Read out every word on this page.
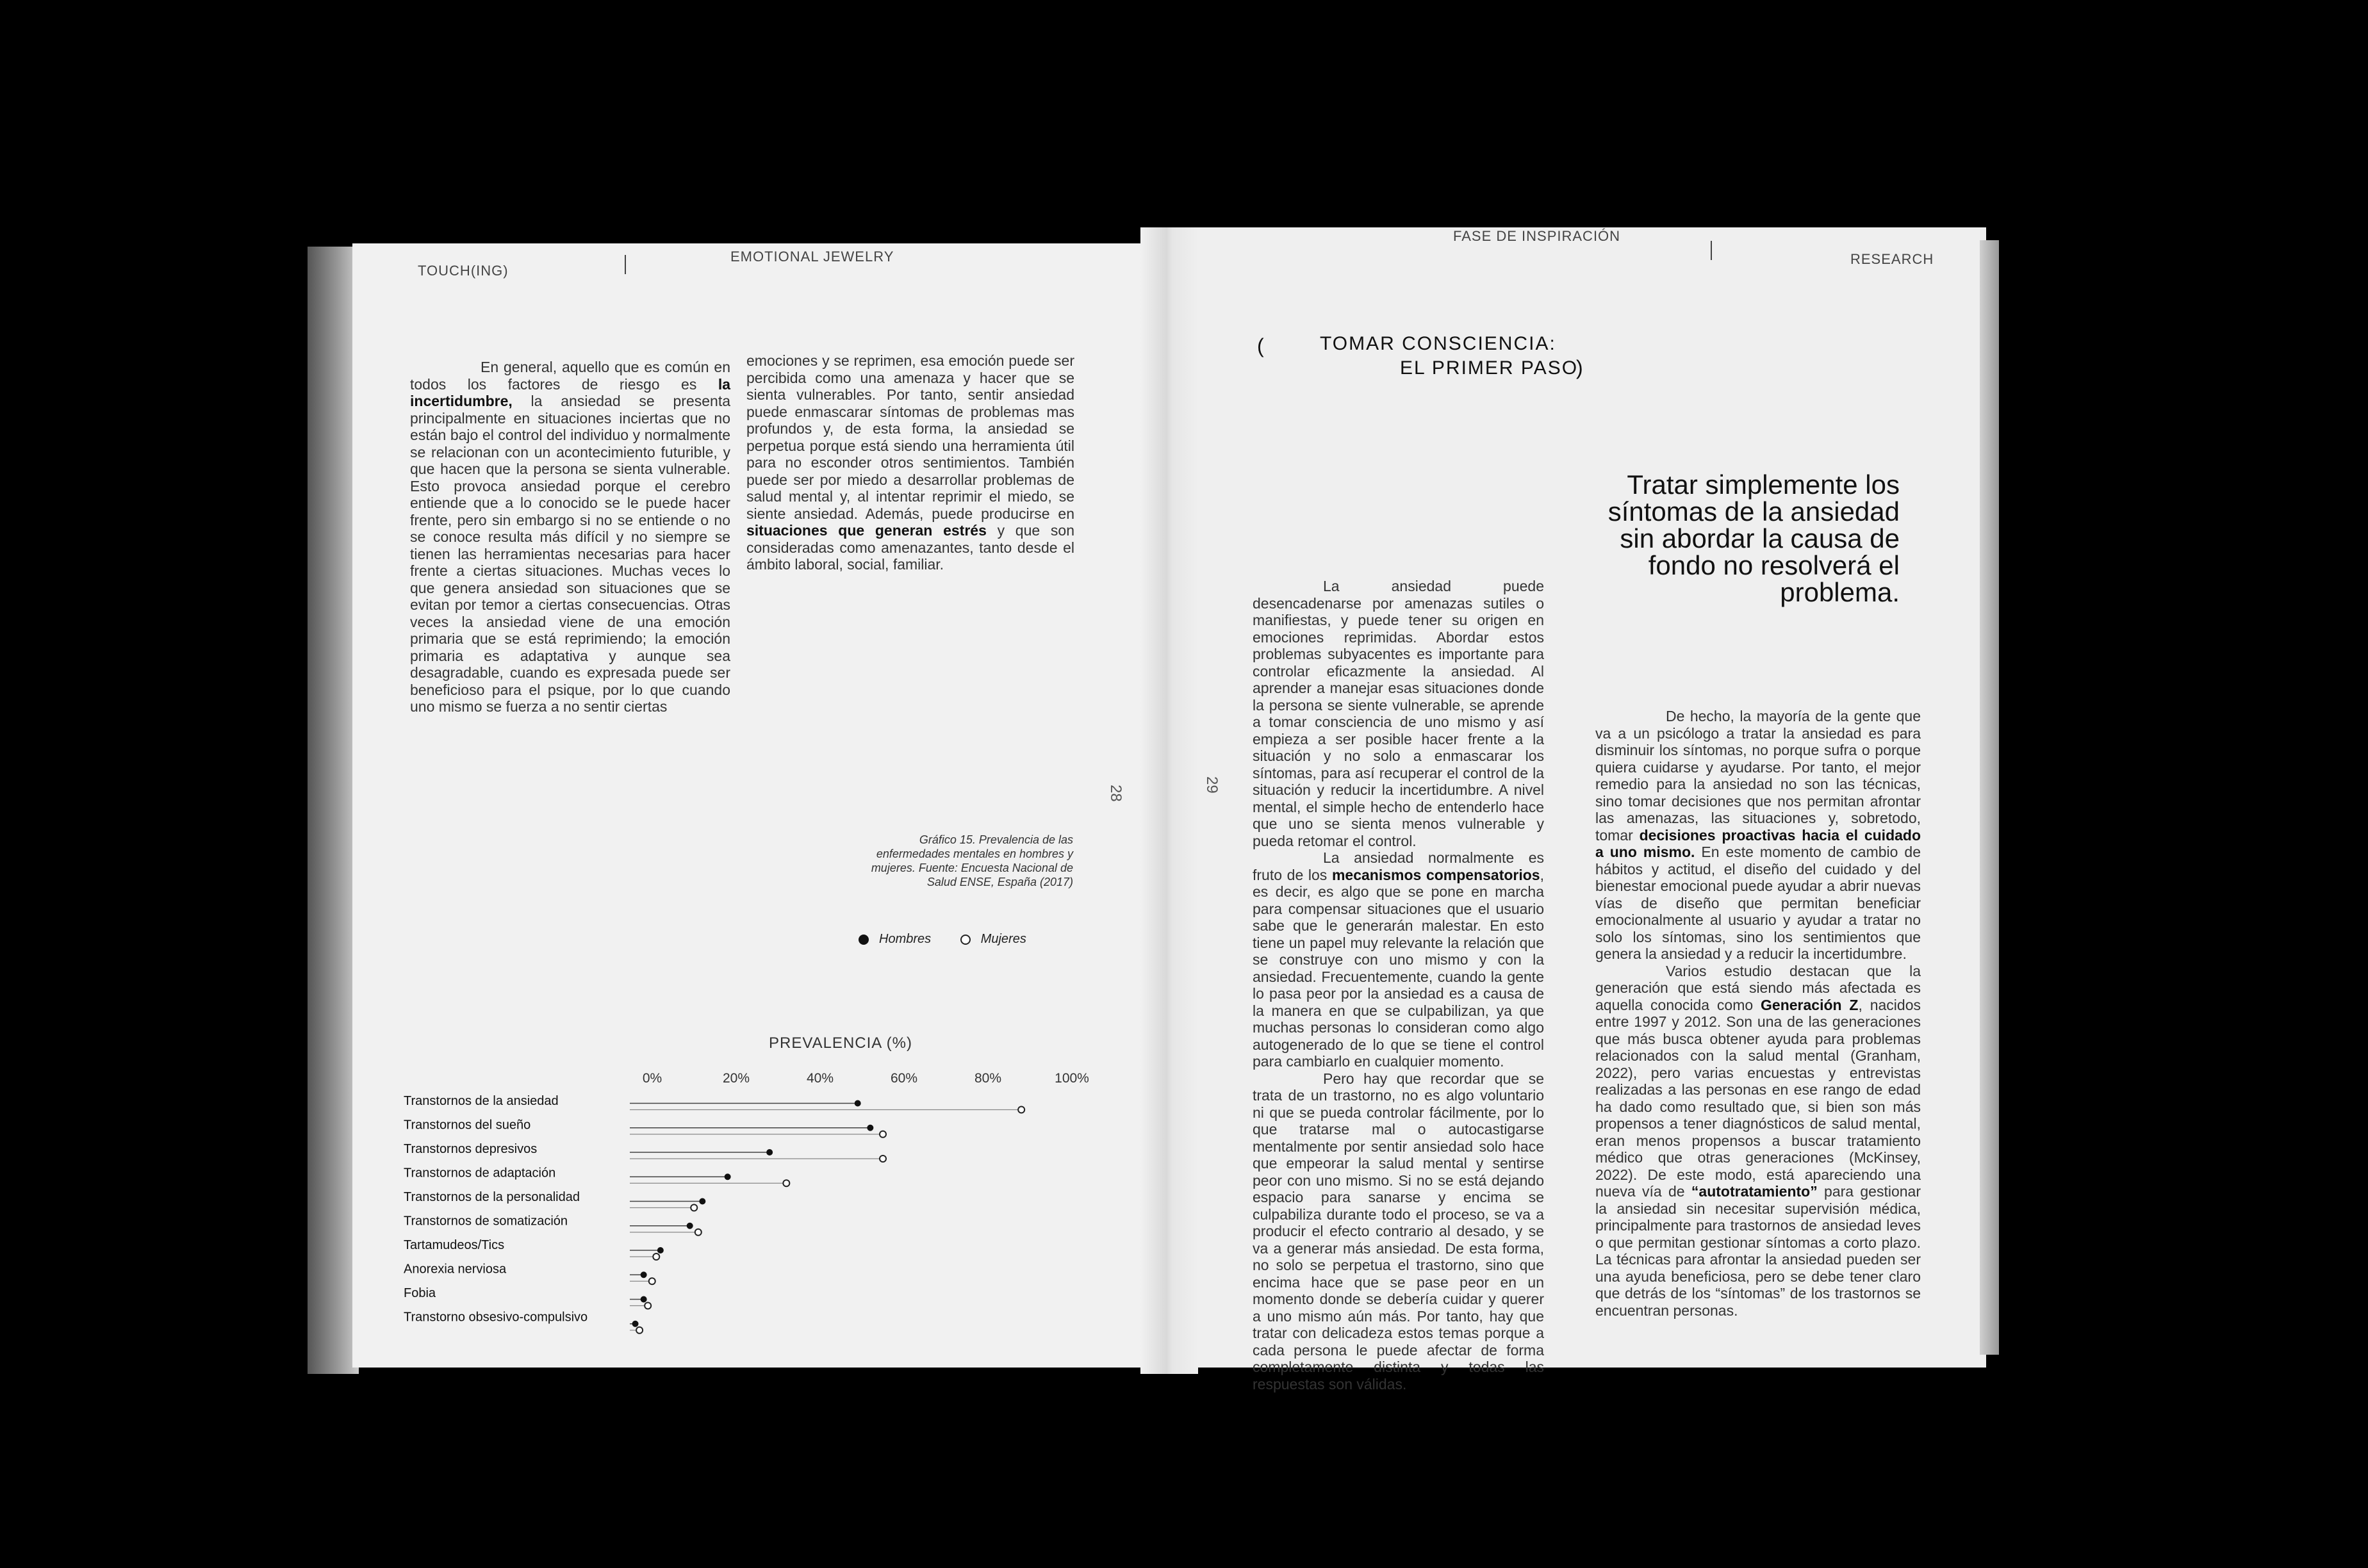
TOUCH(ING)
EMOTIONAL JEWELRY

En general, aquello que es común en todos los factores de riesgo es la incertidumbre, la ansiedad se presenta principalmente en situaciones inciertas que no están bajo el control del individuo y normalmente se relacionan con un acontecimiento futurible, y que hacen que la persona se sienta vulnerable. Esto provoca ansiedad porque el cerebro entiende que a lo conocido se le puede hacer frente, pero sin embargo si no se entiende o no se conoce resulta más difícil y no siempre se tienen las herramientas necesarias para hacer frente a ciertas situaciones. Muchas veces lo que genera ansiedad son situaciones que se evitan por temor a ciertas consecuencias. Otras veces la ansiedad viene de una emoción primaria que se está reprimiendo; la emoción primaria es adaptativa y aunque sea desagradable, cuando es expresada puede ser beneficioso para el psique, por lo que cuando uno mismo se fuerza a no sentir ciertas

emociones y se reprimen, esa emoción puede ser percibida como una amenaza y hacer que se sienta vulnerables. Por tanto, sentir ansiedad puede enmascarar síntomas de problemas mas profundos y, de esta forma, la ansiedad se perpetua porque está siendo una herramienta útil para no esconder otros sentimientos. También puede ser por miedo a desarrollar problemas de salud mental y, al intentar reprimir el miedo, se siente ansiedad. Además, puede producirse en situaciones que generan estrés y que son consideradas como amenazantes, tanto desde el ámbito laboral, social, familiar.

28	29
Gráfico 15. Prevalencia de las enfermedades mentales en hombres y mujeres. Fuente: Encuesta Nacional de Salud ENSE, España (2017)
Hombres	Mujeres
PREVALENCIA (%)
0%	20%	40%	60%	80%	100%
Transtornos de la ansiedad
Transtornos del sueño
Transtornos depresivos
Transtornos de adaptación
Transtornos de la personalidad
Transtornos de somatización
Tartamudeos/Tics
Anorexia nerviosa
Fobia
Transtorno obsesivo-compulsivo
FASE DE INSPIRACIÓN
RESEARCH
(	TOMAR CONSCIENCIA:
EL PRIMER PASO
)
Tratar simplemente los síntomas de la ansiedad sin abordar la causa de fondo no resolverá el problema.

La ansiedad puede desencadenarse por amenazas sutiles o manifiestas, y puede tener su origen en emociones reprimidas. Abordar estos problemas subyacentes es importante para controlar eficazmente la ansiedad. Al aprender a manejar esas situaciones donde la persona se siente vulnerable, se aprende a tomar consciencia de uno mismo y así empieza a ser posible hacer frente a la situación y no solo a enmascarar los síntomas, para así recuperar el control de la situación y reducir la incertidumbre. A nivel mental, el simple hecho de entenderlo hace que uno se sienta menos vulnerable y pueda retomar el control.

La ansiedad normalmente es fruto de los mecanismos compensatorios, es decir, es algo que se pone en marcha para compensar situaciones que el usuario sabe que le generarán malestar. En esto tiene un papel muy relevante la relación que se construye con uno mismo y con la ansiedad. Frecuentemente, cuando la gente lo pasa peor por la ansiedad es a causa de la manera en que se culpabilizan, ya que muchas personas lo consideran como algo autogenerado de lo que se tiene el control para cambiarlo en cualquier momento.

Pero hay que recordar que se trata de un trastorno, no es algo voluntario ni que se pueda controlar fácilmente, por lo que tratarse mal o autocastigarse mentalmente por sentir ansiedad solo hace que empeorar la salud mental y sentirse peor con uno mismo. Si no se está dejando espacio para sanarse y encima se culpabiliza durante todo el proceso, se va a producir el efecto contrario al desado, y se va a generar más ansiedad. De esta forma, no solo se perpetua el trastorno, sino que encima hace que se pase peor en un momento donde se debería cuidar y querer a uno mismo aún más. Por tanto, hay que tratar con delicadeza estos temas porque a cada persona le puede afectar de forma completamente distinta y todas las respuestas son válidas.

De hecho, la mayoría de la gente que va a un psicólogo a tratar la ansiedad es para disminuir los síntomas, no porque sufra o porque quiera cuidarse y ayudarse. Por tanto, el mejor remedio para la ansiedad no son las técnicas, sino tomar decisiones que nos permitan afrontar las amenazas, las situaciones y, sobretodo, tomar decisiones proactivas hacia el cuidado a uno mismo. En este momento de cambio de hábitos y actitud, el diseño del cuidado y del bienestar emocional puede ayudar a abrir nuevas vías de diseño que permitan beneficiar emocionalmente al usuario y ayudar a tratar no solo los síntomas, sino los sentimientos que genera la ansiedad y a reducir la incertidumbre.

Varios estudio destacan que la generación que está siendo más afectada es aquella conocida como Generación Z, nacidos entre 1997 y 2012. Son una de las generaciones que más busca obtener ayuda para problemas relacionados con la salud mental (Granham, 2022), pero varias encuestas y entrevistas realizadas a las personas en ese rango de edad ha dado como resultado que, si bien son más propensos a tener diagnósticos de salud mental, eran menos propensos a buscar tratamiento médico que otras generaciones (McKinsey, 2022). De este modo, está apareciendo una nueva vía de “autotratamiento” para gestionar la ansiedad sin necesitar supervisión médica, principalmente para trastornos de ansiedad leves o que permitan gestionar síntomas a corto plazo. La técnicas para afrontar la ansiedad pueden ser una ayuda beneficiosa, pero se debe tener claro que detrás de los “síntomas” de los trastornos se encuentran personas.
